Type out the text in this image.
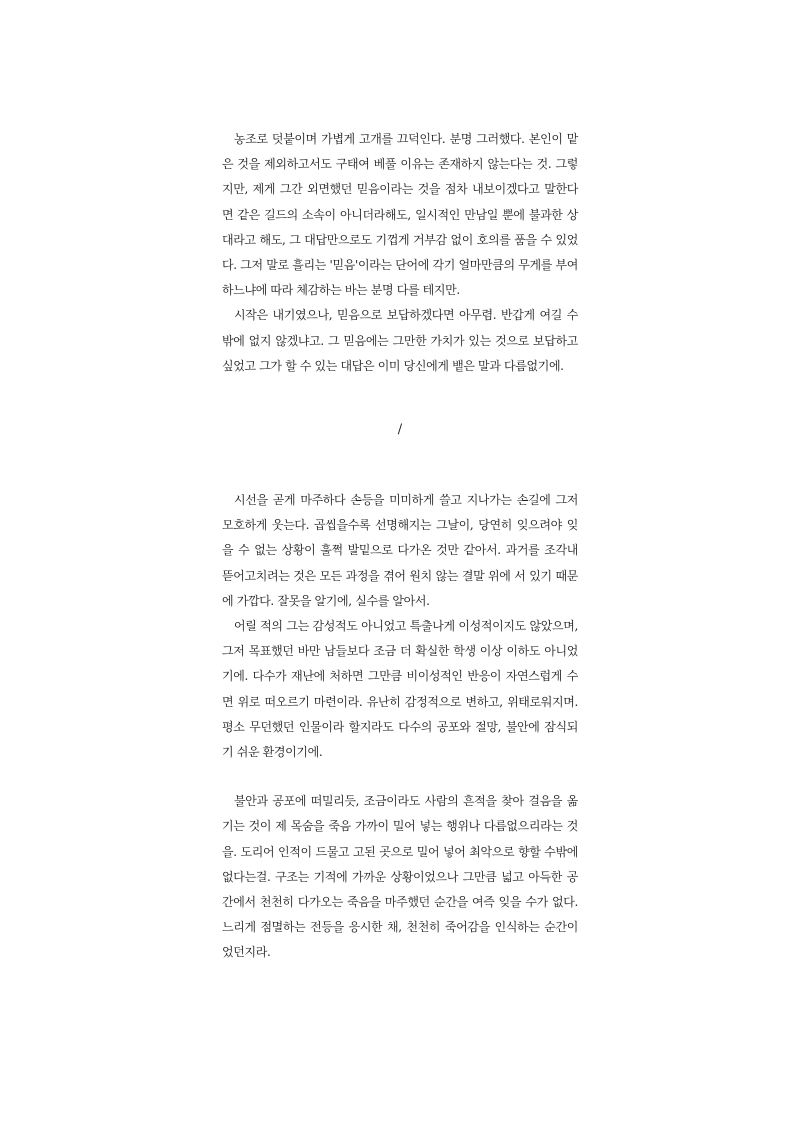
농조로 덧붙이며 가볍게 고개를 끄덕인다. 분명 그러했다. 본인이 맡은 것을 제외하고서도 구태여 베풀 이유는 존재하지 않는다는 것. 그렇지만, 제게 그간 외면했던 믿음이라는 것을 점차 내보이겠다고 말한다면 같은 길드의 소속이 아니더라해도, 일시적인 만남일 뿐에 불과한 상대라고 해도, 그 대답만으로도 기껍게 거부감 없이 호의를 품을 수 있었다. 그저 말로 흘리는 '믿음'이라는 단어에 각기 얼마만큼의 무게를 부여하느냐에 따라 체감하는 바는 분명 다를 테지만.

시작은 내기였으나, 믿음으로 보답하겠다면 아무렴. 반갑게 여길 수밖에 없지 않겠냐고. 그 믿음에는 그만한 가치가 있는 것으로 보답하고 싶었고 그가 할 수 있는 대답은 이미 당신에게 뱉은 말과 다름없기에.

/

시선을 곧게 마주하다 손등을 미미하게 쓸고 지나가는 손길에 그저 모호하게 웃는다. 곱씹을수록 선명해지는 그날이, 당연히 잊으려야 잊을 수 없는 상황이 훌쩍 발밑으로 다가온 것만 같아서. 과거를 조각내 뜯어고치려는 것은 모든 과정을 겪어 원치 않는 결말 위에 서 있기 때문에 가깝다. 잘못을 알기에, 실수를 알아서.

어릴 적의 그는 감성적도 아니었고 특출나게 이성적이지도 않았으며, 그저 목표했던 바만 남들보다 조금 더 확실한 학생 이상 이하도 아니었기에. 다수가 재난에 처하면 그만큼 비이성적인 반응이 자연스럽게 수면 위로 떠오르기 마련이라. 유난히 감정적으로 변하고, 위태로워지며. 평소 무던했던 인물이라 할지라도 다수의 공포와 절망, 불안에 잠식되기 쉬운 환경이기에.

불안과 공포에 떠밀리듯, 조금이라도 사람의 흔적을 찾아 걸음을 옮기는 것이 제 목숨을 죽음 가까이 밀어 넣는 행위나 다름없으리라는 것을. 도리어 인적이 드물고 고된 곳으로 밀어 넣어 최악으로 향할 수밖에 없다는걸. 구조는 기적에 가까운 상황이었으나 그만큼 넓고 아득한 공간에서 천천히 다가오는 죽음을 마주했던 순간을 여즉 잊을 수가 없다. 느리게 점멸하는 전등을 응시한 채, 천천히 죽어감을 인식하는 순간이었던지라.
